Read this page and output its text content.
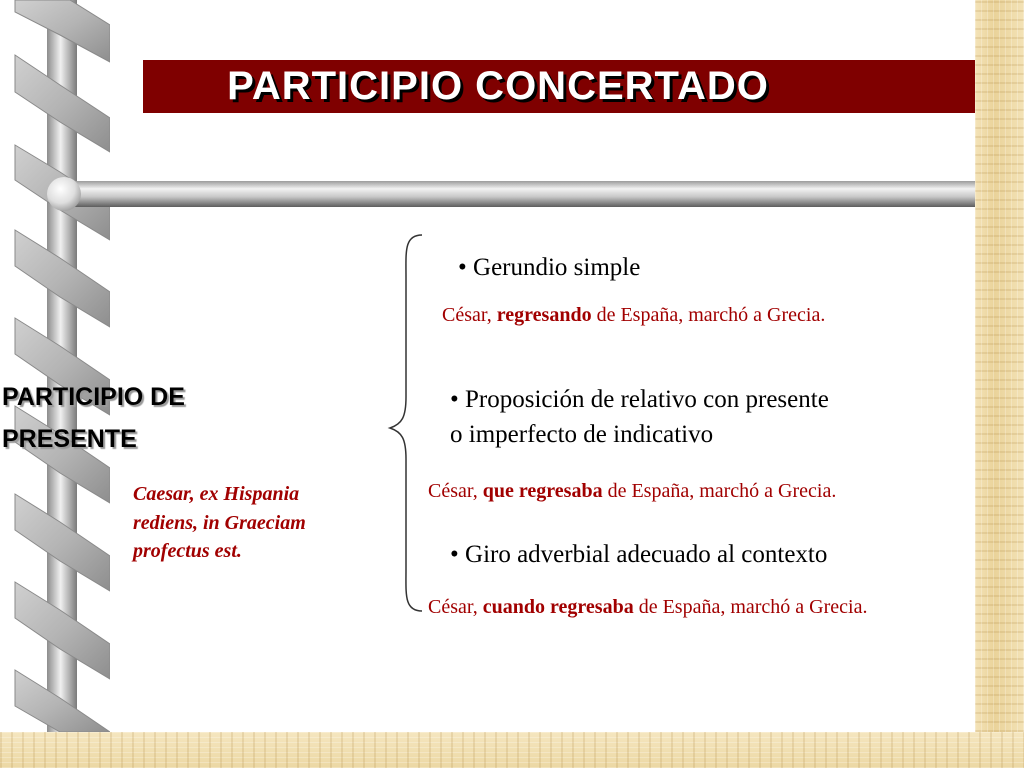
PARTICIPIO CONCERTADO
PARTICIPIO DE
PRESENTE
Caesar, ex Hispania
rediens, in Graeciam
profectus est.
• Gerundio simple
César, regresando de España, marchó a Grecia.
• Proposición de relativo con presente
o imperfecto de indicativo
César, que regresaba de España, marchó a Grecia.
• Giro adverbial adecuado al contexto
César, cuando regresaba de España, marchó a Grecia.
